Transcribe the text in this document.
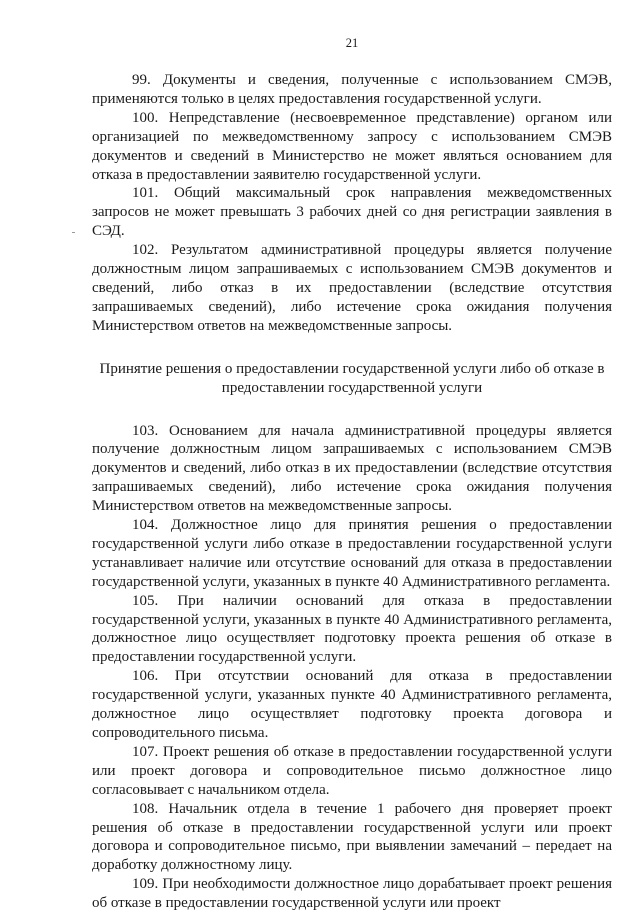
21

99. Документы и сведения, полученные с использованием СМЭВ, применяются только в целях предоставления государственной услуги.

100. Непредставление (несвоевременное представление) органом или организацией по межведомственному запросу с использованием СМЭВ документов и сведений в Министерство не может являться основанием для отказа в предоставлении заявителю государственной услуги.

101. Общий максимальный срок направления межведомственных запросов не может превышать 3 рабочих дней со дня регистрации заявления в СЭД.

102. Результатом административной процедуры является получение должностным лицом запрашиваемых с использованием СМЭВ документов и сведений, либо отказ в их предоставлении (вследствие отсутствия запрашиваемых сведений), либо истечение срока ожидания получения Министерством ответов на межведомственные запросы.

Принятие решения о предоставлении государственной услуги либо об отказе в предоставлении государственной услуги

103. Основанием для начала административной процедуры является получение должностным лицом запрашиваемых с использованием СМЭВ документов и сведений, либо отказ в их предоставлении (вследствие отсутствия запрашиваемых сведений), либо истечение срока ожидания получения Министерством ответов на межведомственные запросы.

104. Должностное лицо для принятия решения о предоставлении государственной услуги либо отказе в предоставлении государственной услуги устанавливает наличие или отсутствие оснований для отказа в предоставлении государственной услуги, указанных в пункте 40 Административного регламента.

105. При наличии оснований для отказа в предоставлении государственной услуги, указанных в пункте 40 Административного регламента, должностное лицо осуществляет подготовку проекта решения об отказе в предоставлении государственной услуги.

106. При отсутствии оснований для отказа в предоставлении государственной услуги, указанных пункте 40 Административного регламента, должностное лицо осуществляет подготовку проекта договора и сопроводительного письма.

107. Проект решения об отказе в предоставлении государственной услуги или проект договора и сопроводительное письмо должностное лицо согласовывает с начальником отдела.

108. Начальник отдела в течение 1 рабочего дня проверяет проект решения об отказе в предоставлении государственной услуги или проект договора и сопроводительное письмо, при выявлении замечаний – передает на доработку должностному лицу.

109. При необходимости должностное лицо дорабатывает проект решения об отказе в предоставлении государственной услуги или проект
